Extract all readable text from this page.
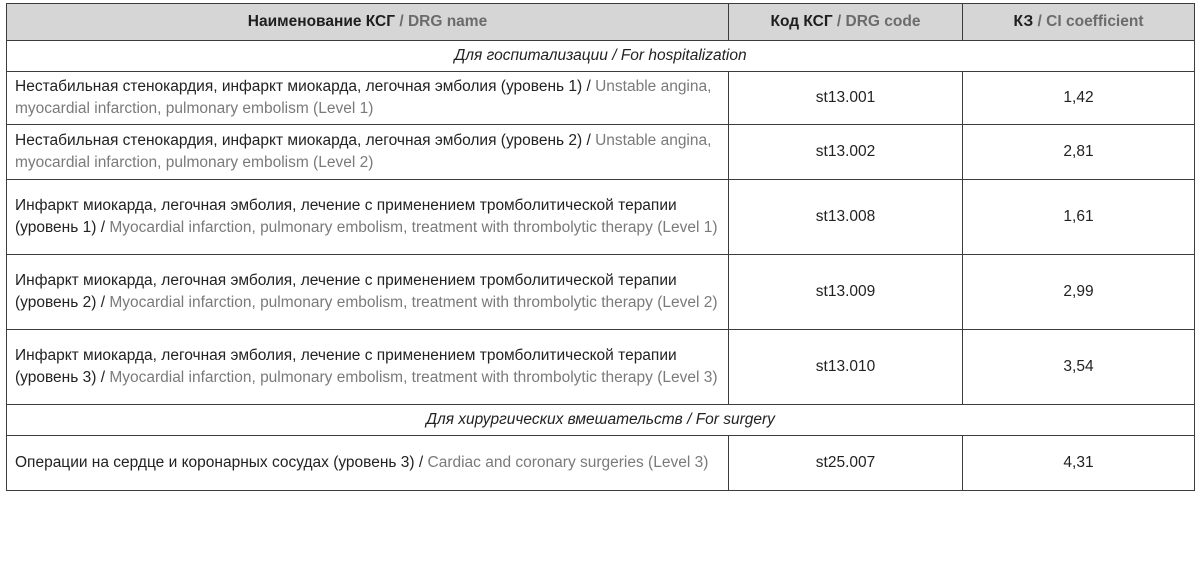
Наименование КСГ / DRG name	Код КСГ / DRG code	КЗ / CI coefficient
Для госпитализации / For hospitalization		
Нестабильная стенокардия, инфаркт миокарда, легочная эмболия (уровень 1) / Unstable angina, myocardial infarction, pulmonary embolism (Level 1)	st13.001	1,42
Нестабильная стенокардия, инфаркт миокарда, легочная эмболия (уровень 2) / Unstable angina, myocardial infarction, pulmonary embolism (Level 2)	st13.002	2,81
Инфаркт миокарда, легочная эмболия, лечение с применением тромболитической терапии (уровень 1) / Myocardial infarction, pulmonary embolism, treatment with thrombolytic therapy (Level 1)	st13.008	1,61
Инфаркт миокарда, легочная эмболия, лечение с применением тромболитической терапии (уровень 2) / Myocardial infarction, pulmonary embolism, treatment with thrombolytic therapy (Level 2)	st13.009	2,99
Инфаркт миокарда, легочная эмболия, лечение с применением тромболитической терапии (уровень 3) / Myocardial infarction, pulmonary embolism, treatment with thrombolytic therapy (Level 3)	st13.010	3,54
Для хирургических вмешательств / For surgery		
Операции на сердце и коронарных сосудах (уровень 3) / Cardiac and coronary surgeries (Level 3)	st25.007	4,31
